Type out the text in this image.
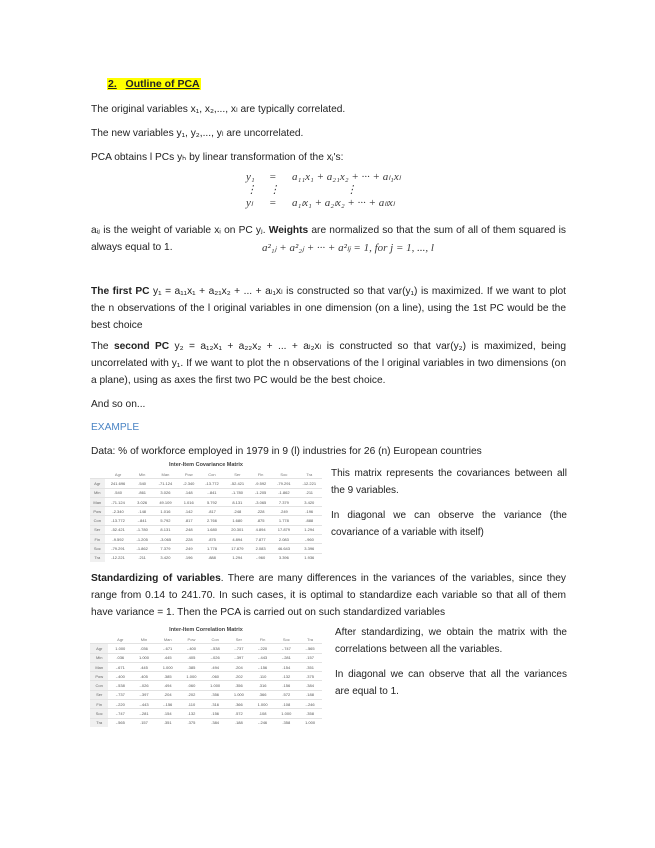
2. Outline of PCA
The original variables x₁, x₂,..., xₗ are typically correlated.
The new variables y₁, y₂,..., yₗ are uncorrelated.
PCA obtains l PCs yₕ by linear transformation of the xⱼ's:
y₁	=	a₁₁x₁ + a₂₁x₂ + ··· + aₗ₁xₗ
⋮	⋮	⋮
yₗ	=	a₁ₗx₁ + a₂ₗx₂ + ··· + aₗₗxₗ
aᵢⱼ is the weight of variable xᵢ on PC yⱼ. Weights are normalized so that the sum of all of them squared is always equal to 1.	a²₁ⱼ + a²₂ⱼ + ··· + a²ₗⱼ = 1, for j = 1, ..., l
The first PC y₁ = a₁₁x₁ + a₂₁x₂ + ... + aₗ₁xₗ is constructed so that var(y₁) is maximized. If we want to plot the n observations of the l original variables in one dimension (on a line), using the 1st PC would be the best choice
The second PC y₂ = a₁₂x₁ + a₂₂x₂ + ... + aₗ₂xₗ is constructed so that var(y₂) is maximized, being uncorrelated with y₁. If we want to plot the n observations of the l original variables in two dimensions (on a plane), using as axes the first two PC would be the best choice.
And so on...
EXAMPLE
Data: % of workforce employed in 1979 in 9 (l) industries for 26 (n) European countries
Inter-Item Covariance Matrix
	Agr	Min	Man	Pow	Con	Ser	Fin	Soc	Tra
Agr	241.696	.540	-71.124	-2.340	-13.772	-52.421	-9.592	-79.291	-12.221
Min	.540	.861	3.026	.148	-.841	-1.780	-1.205	-1.862	.211
Man	-71.124	3.026	49.109	1.016	5.792	8.131	-3.065	7.379	3.420
Pow	-2.340	.148	1.016	.142	.817	.248	.228	.249	.196
Con	-13.772	-.841	5.792	.817	2.766	1.680	.875	1.778	.888
Ser	-52.421	-1.780	8.131	.248	1.680	20.301	4.894	17.879	1.294
Fin	-9.592	-1.205	-3.065	.228	.875	4.894	7.877	2.083	-.960
Soc	-79.291	-1.862	7.379	.249	1.778	17.879	2.083	46.643	3.396
Tra	-12.221	.211	3.420	.196	.888	1.294	-.960	3.396	1.936
This matrix represents the covariances between all the 9 variables.
In diagonal we can observe the variance (the covariance of a variable with itself)
Standardizing of variables. There are many differences in the variances of the variables, since they range from 0.14 to 241.70. In such cases, it is optimal to standardize each variable so that all of them have variance = 1. Then the PCA is carried out on such standardized variables
Inter-Item Correlation Matrix
	Agr	Min	Man	Pow	Con	Ser	Fin	Soc	Tra
Agr	1.000	.036	-.671	-.400	-.538	-.737	-.220	-.747	-.565
Min	.036	1.000	.445	.405	-.026	-.397	-.443	-.281	.157
Man	-.671	.445	1.000	.385	.494	.204	-.156	.154	.351
Pow	-.400	.405	.385	1.000	.060	.202	.110	.132	.375
Con	-.538	-.026	.494	.060	1.000	.356	.316	.156	.384
Ser	-.737	-.397	.204	.202	.356	1.000	.366	.572	.188
Fin	-.220	-.443	-.156	.110	.316	.366	1.000	.108	-.246
Soc	-.747	-.281	.154	.132	.156	.572	.108	1.000	.358
Tra	-.565	.157	.351	.375	.384	.188	-.246	.358	1.000
After standardizing, we obtain the matrix with the correlations between all the variables.
In diagonal we can observe that all the variances are equal to 1.
